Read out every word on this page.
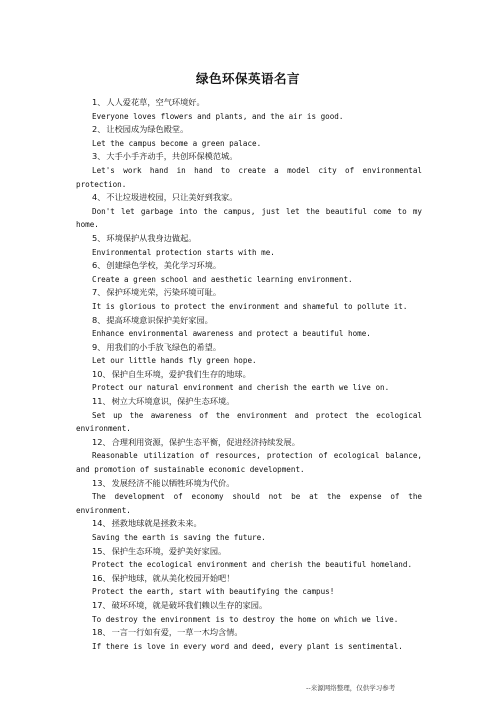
绿色环保英语名言
1、人人爱花草，空气环境好。
Everyone loves flowers and plants, and the air is good.
2、让校园成为绿色殿堂。
Let the campus become a green palace.
3、大手小手齐动手，共创环保模范城。
Let's work hand in hand to create a model city of environmental protection.
4、不让垃圾进校园，只让美好到我家。
Don't let garbage into the campus, just let the beautiful come to my home.
5、环境保护从我身边做起。
Environmental protection starts with me.
6、创建绿色学校，美化学习环境。
Create a green school and aesthetic learning environment.
7、保护环境光荣，污染环境可耻。
It is glorious to protect the environment and shameful to pollute it.
8、提高环境意识保护美好家园。
Enhance environmental awareness and protect a beautiful home.
9、用我们的小手放飞绿色的希望。
Let our little hands fly green hope.
10、保护自生环境，爱护我们生存的地球。
Protect our natural environment and cherish the earth we live on.
11、树立大环境意识，保护生态环境。
Set up the awareness of the environment and protect the ecological environment.
12、合理利用资源，保护生态平衡，促进经济持续发展。
Reasonable utilization of resources, protection of ecological balance, and promotion of sustainable economic development.
13、发展经济不能以牺牲环境为代价。
The development of economy should not be at the expense of the environment.
14、拯救地球就是拯救未来。
Saving the earth is saving the future.
15、保护生态环境，爱护美好家园。
Protect the ecological environment and cherish the beautiful homeland.
16、保护地球，就从美化校园开始吧！
Protect the earth, start with beautifying the campus!
17、破坏环境，就是破坏我们赖以生存的家园。
To destroy the environment is to destroy the home on which we live.
18、一言一行如有爱，一草一木均含情。
If there is love in every word and deed, every plant is sentimental.
--来源网络整理，仅供学习参考
